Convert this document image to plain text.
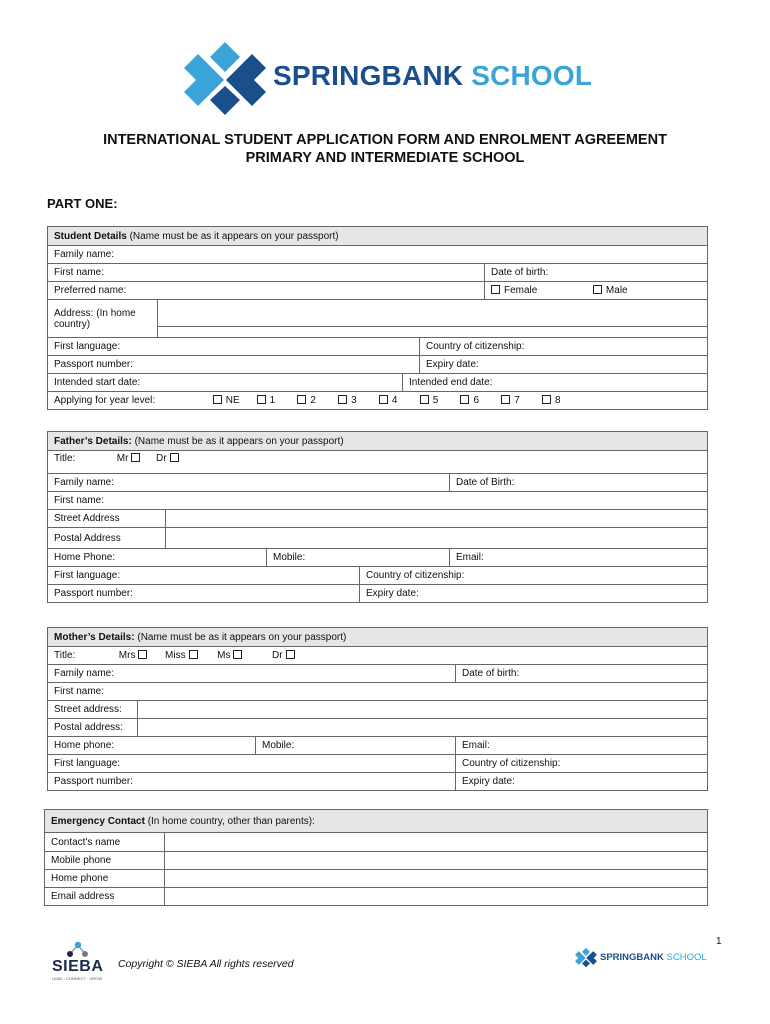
SPRINGBANK SCHOOL
INTERNATIONAL STUDENT APPLICATION FORM AND ENROLMENT AGREEMENT
PRIMARY AND INTERMEDIATE SCHOOL
PART ONE:
Student Details (Name must be as it appears on your passport)				
Family name:				
First name:				Date of birth:
Preferred name:				Female Male
Address: (In home country)				

First language:			Country of citizenship:	
Passport number:			Expiry date:	
Intended start date:		Intended end date:		
Applying for year level: NE 1 2 3 4 5 6 7 8				
Father’s Details: (Name must be as it appears on your passport)				
Title: Mr Dr				
Family name:				Date of Birth:
First name:				
Street Address				
Postal Address				
Home Phone:		Mobile:		Email:
First language:			Country of citizenship:	
Passport number:			Expiry date:	
Mother’s Details: (Name must be as it appears on your passport)			
Title: Mrs Miss Ms Dr			
Family name:			Date of birth:
First name:			
Street address:			
Postal address:			
Home phone:		Mobile:	Email:
First language:			Country of citizenship:
Passport number:			Expiry date:
Emergency Contact (In home country, other than parents):	
Contact's name	
Mobile phone	
Home phone	
Email address	
1
SIEBA
LEAD · CONNECT · GROW
Copyright © SIEBA All rights reserved
SPRINGBANK SCHOOL
